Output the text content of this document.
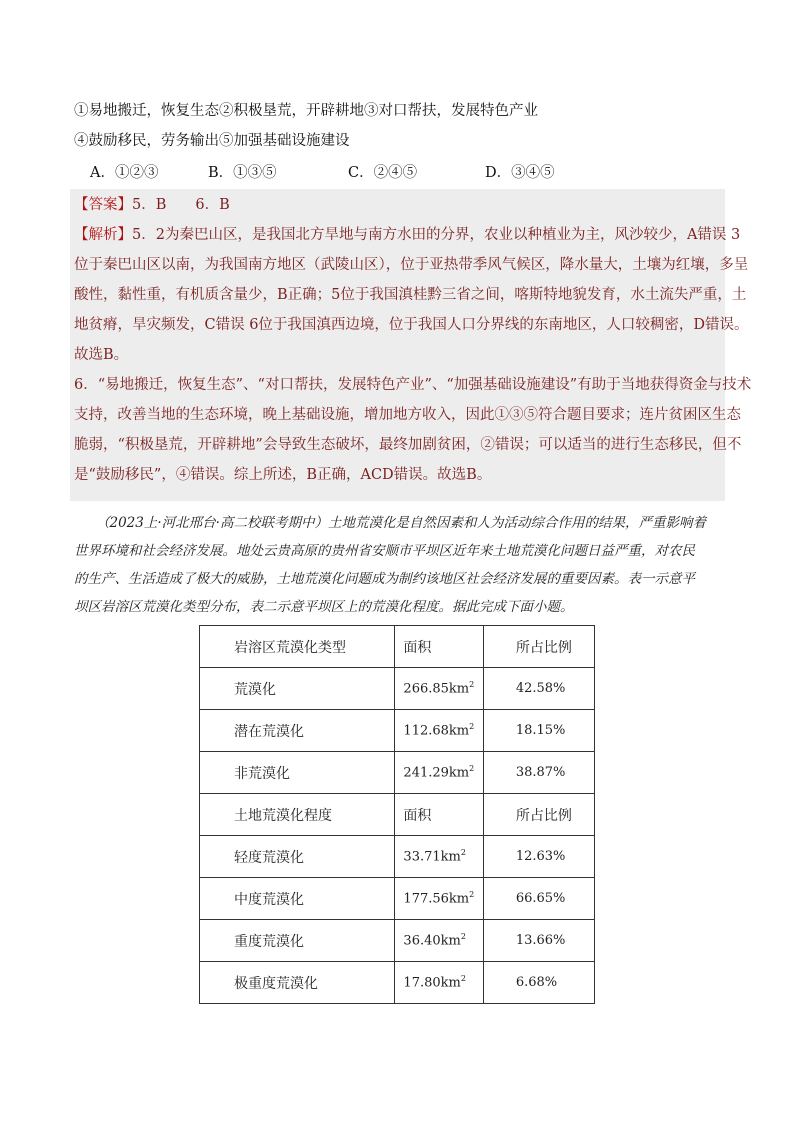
①易地搬迁，恢复生态②积极垦荒，开辟耕地③对口帮扶，发展特色产业
④鼓励移民，劳务输出⑤加强基础设施建设
A．①②③	B．①③⑤	C．②④⑤	D．③④⑤
【答案】5．B　　6．B
【解析】5．2为秦巴山区，是我国北方旱地与南方水田的分界，农业以种植业为主，风沙较少，A错误 3
位于秦巴山区以南，为我国南方地区（武陵山区），位于亚热带季风气候区，降水量大，土壤为红壤，多呈
酸性，黏性重，有机质含量少，B正确；5位于我国滇桂黔三省之间，喀斯特地貌发育，水土流失严重，土
地贫瘠，旱灾频发，C错误 6位于我国滇西边境，位于我国人口分界线的东南地区，人口较稠密，D错误。
故选B。
6．“易地搬迁，恢复生态”、“对口帮扶，发展特色产业”、“加强基础设施建设”有助于当地获得资金与技术
支持，改善当地的生态环境，晚上基础设施，增加地方收入，因此①③⑤符合题目要求；连片贫困区生态
脆弱，“积极垦荒，开辟耕地”会导致生态破坏，最终加剧贫困，②错误；可以适当的进行生态移民，但不
是“鼓励移民”，④错误。综上所述，B正确，ACD错误。故选B。
（2023上·河北邢台·高二校联考期中）土地荒漠化是自然因素和人为活动综合作用的结果，严重影响着
世界环境和社会经济发展。地处云贵高原的贵州省安顺市平坝区近年来土地荒漠化问题日益严重，对农民
的生产、生活造成了极大的威胁，土地荒漠化问题成为制约该地区社会经济发展的重要因素。表一示意平
坝区岩溶区荒漠化类型分布，表二示意平坝区上的荒漠化程度。据此完成下面小题。
岩溶区荒漠化类型	面积	所占比例
荒漠化	$266.85km^2$	42.58%
潜在荒漠化	$112.68km^2$	18.15%
非荒漠化	$241.29km^2$	38.87%
土地荒漠化程度	面积	所占比例
轻度荒漠化	$33.71km^2$	12.63%
中度荒漠化	$177.56km^2$	66.65%
重度荒漠化	$36.40km^2$	13.66%
极重度荒漠化	$17.80km^2$	6.68%
